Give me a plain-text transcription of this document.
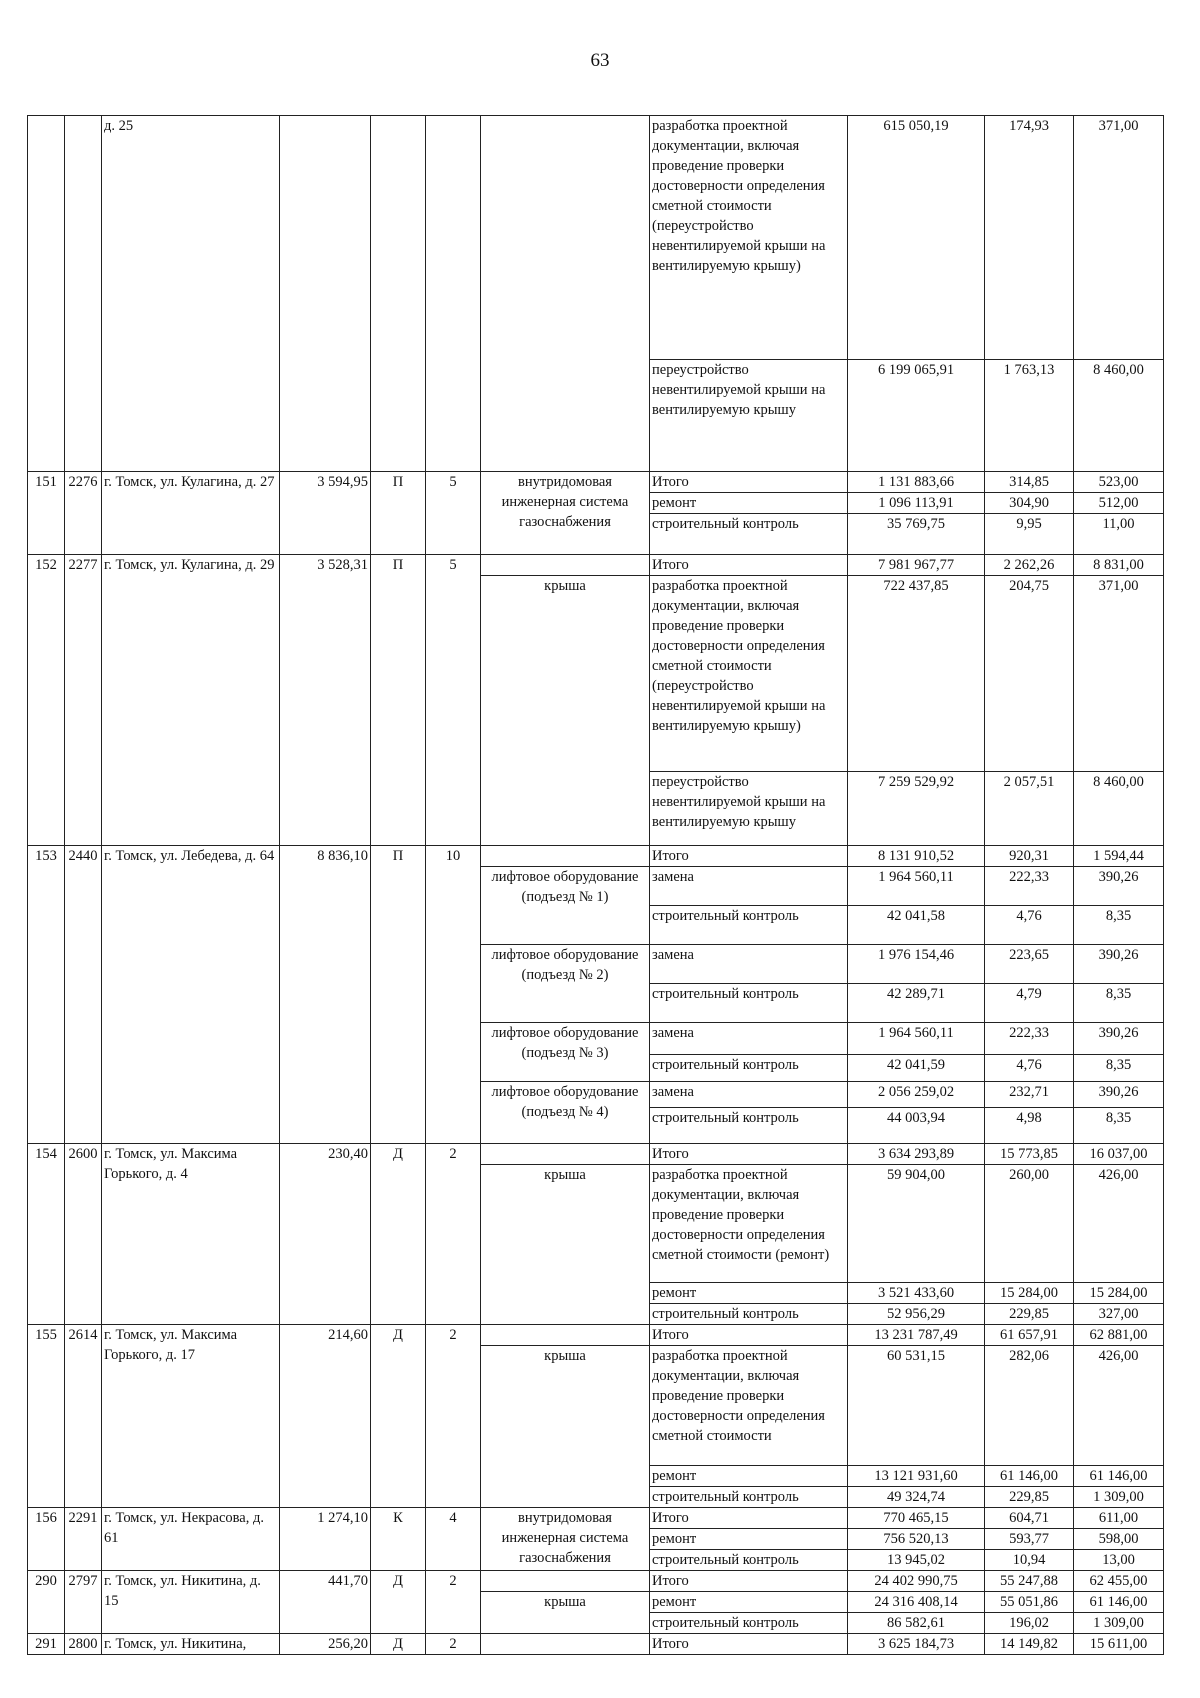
63
		д. 25					разработка проектной документации, включая проведение проверки достоверности определения сметной стоимости (переустройство невентилируемой крыши на вентилируемую крышу)	615 050,19	174,93	371,00
							переустройство невентилируемой крыши на вентилируемую крышу	6 199 065,91	1 763,13	8 460,00
151	2276	г. Томск, ул. Кулагина, д. 27	3 594,95	П	5	внутридомовая инженерная система газоснабжения	Итого	1 131 883,66	314,85	523,00
							ремонт	1 096 113,91	304,90	512,00
							строительный контроль	35 769,75	9,95	11,00
152	2277	г. Томск, ул. Кулагина, д. 29	3 528,31	П	5		Итого	7 981 967,77	2 262,26	8 831,00
						крыша	разработка проектной документации, включая проведение проверки достоверности определения сметной стоимости (переустройство невентилируемой крыши на вентилируемую крышу)	722 437,85	204,75	371,00
							переустройство невентилируемой крыши на вентилируемую крышу	7 259 529,92	2 057,51	8 460,00
153	2440	г. Томск, ул. Лебедева, д. 64	8 836,10	П	10		Итого	8 131 910,52	920,31	1 594,44
						лифтовое оборудование (подъезд № 1)	замена	1 964 560,11	222,33	390,26
							строительный контроль	42 041,58	4,76	8,35
						лифтовое оборудование (подъезд № 2)	замена	1 976 154,46	223,65	390,26
							строительный контроль	42 289,71	4,79	8,35
						лифтовое оборудование (подъезд № 3)	замена	1 964 560,11	222,33	390,26
							строительный контроль	42 041,59	4,76	8,35
						лифтовое оборудование (подъезд № 4)	замена	2 056 259,02	232,71	390,26
							строительный контроль	44 003,94	4,98	8,35
154	2600	г. Томск, ул. Максима Горького, д. 4	230,40	Д	2		Итого	3 634 293,89	15 773,85	16 037,00
						крыша	разработка проектной документации, включая проведение проверки достоверности определения сметной стоимости (ремонт)	59 904,00	260,00	426,00
							ремонт	3 521 433,60	15 284,00	15 284,00
							строительный контроль	52 956,29	229,85	327,00
155	2614	г. Томск, ул. Максима Горького, д. 17	214,60	Д	2		Итого	13 231 787,49	61 657,91	62 881,00
						крыша	разработка проектной документации, включая проведение проверки достоверности определения сметной стоимости	60 531,15	282,06	426,00
							ремонт	13 121 931,60	61 146,00	61 146,00
							строительный контроль	49 324,74	229,85	1 309,00
156	2291	г. Томск, ул. Некрасова, д. 61	1 274,10	К	4	внутридомовая инженерная система газоснабжения	Итого	770 465,15	604,71	611,00
							ремонт	756 520,13	593,77	598,00
							строительный контроль	13 945,02	10,94	13,00
290	2797	г. Томск, ул. Никитина, д. 15	441,70	Д	2		Итого	24 402 990,75	55 247,88	62 455,00
						крыша	ремонт	24 316 408,14	55 051,86	61 146,00
							строительный контроль	86 582,61	196,02	1 309,00
291	2800	г. Томск, ул. Никитина,	256,20	Д	2		Итого	3 625 184,73	14 149,82	15 611,00
